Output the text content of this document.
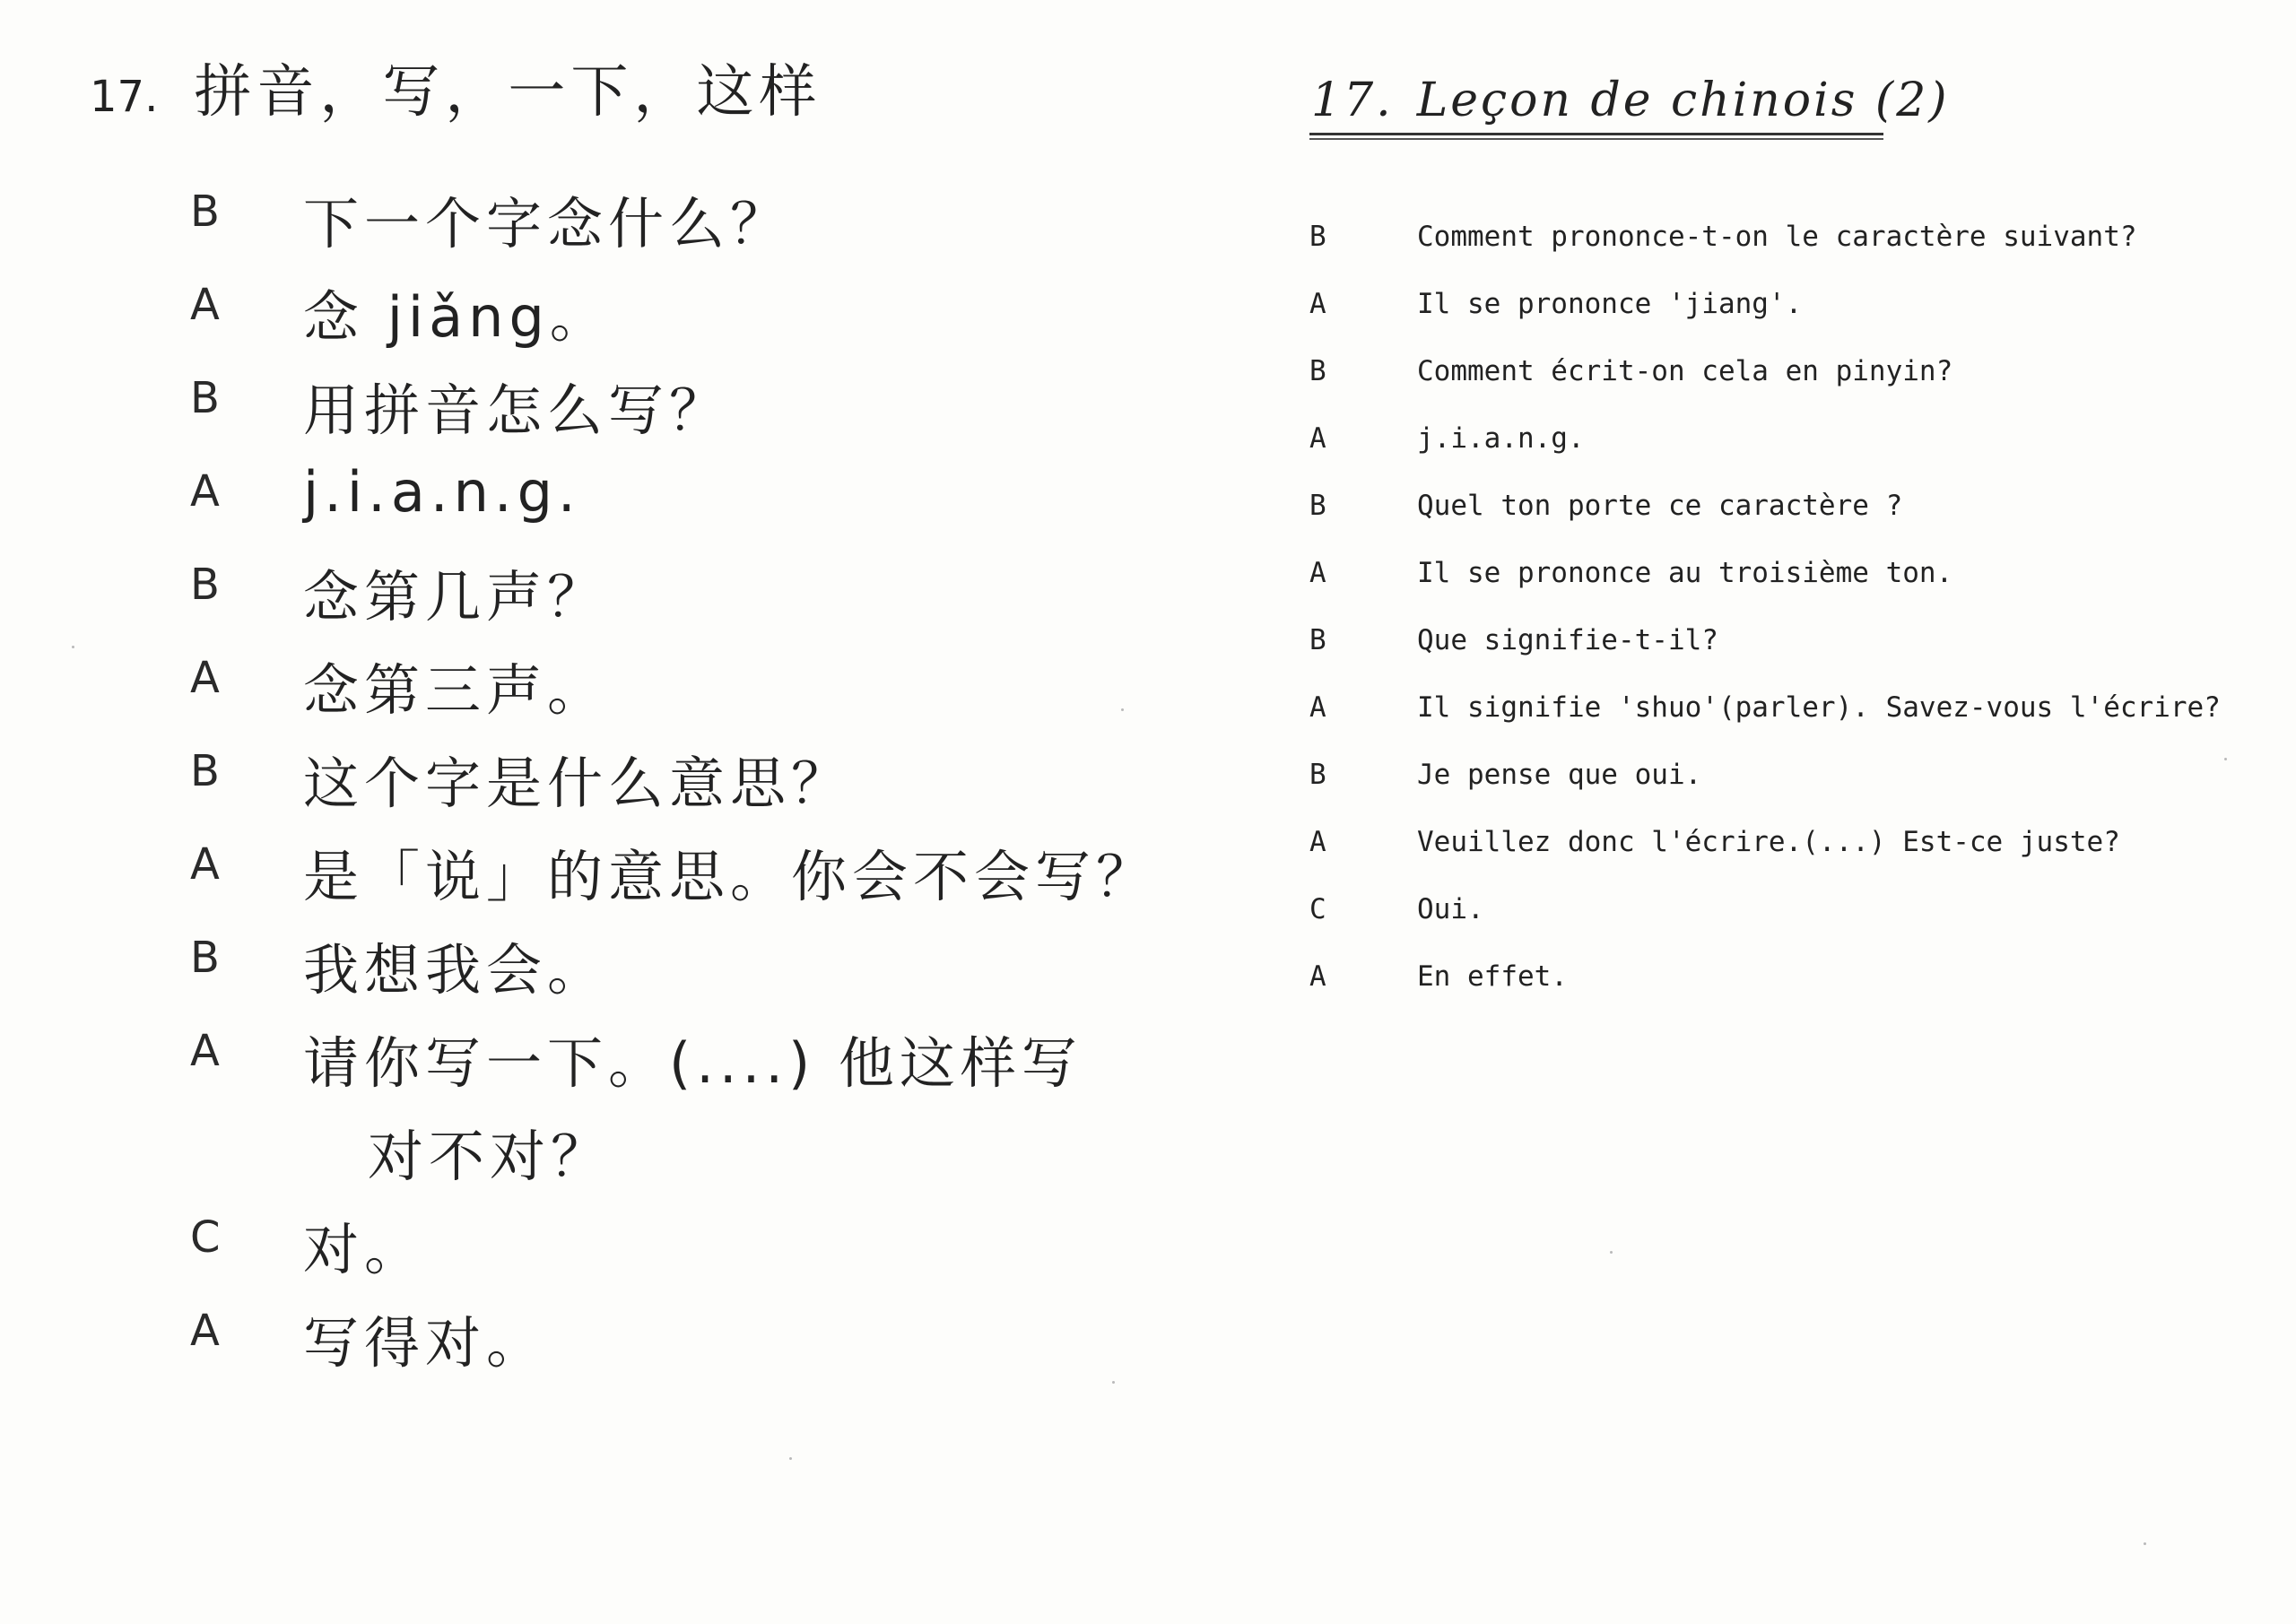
17. 拼音，写，一下，这样
B 下一个字念什么？
A 念 jiǎng。
B 用拼音怎么写？
A j.i.a.n.g.
B 念第几声？
A 念第三声。
B 这个字是什么意思？
A 是「说」的意思。你会不会写？
B 我想我会。
A 请你写一下。(....) 他这样写
对不对？
C 对。
A 写得对。
17. Leçon de chinois (2)
B	Comment prononce-t-on le caractère suivant?
A	Il se prononce 'jiang'.
B	Comment écrit-on cela en pinyin?
A	j.i.a.n.g.
B	Quel ton porte ce caractère ?
A	Il se prononce au troisième ton.
B	Que signifie-t-il?
A	Il signifie 'shuo'(parler). Savez-vous l'écrire?
B	Je pense que oui.
A	Veuillez donc l'écrire.(...) Est-ce juste?
C	Oui.
A	En effet.
